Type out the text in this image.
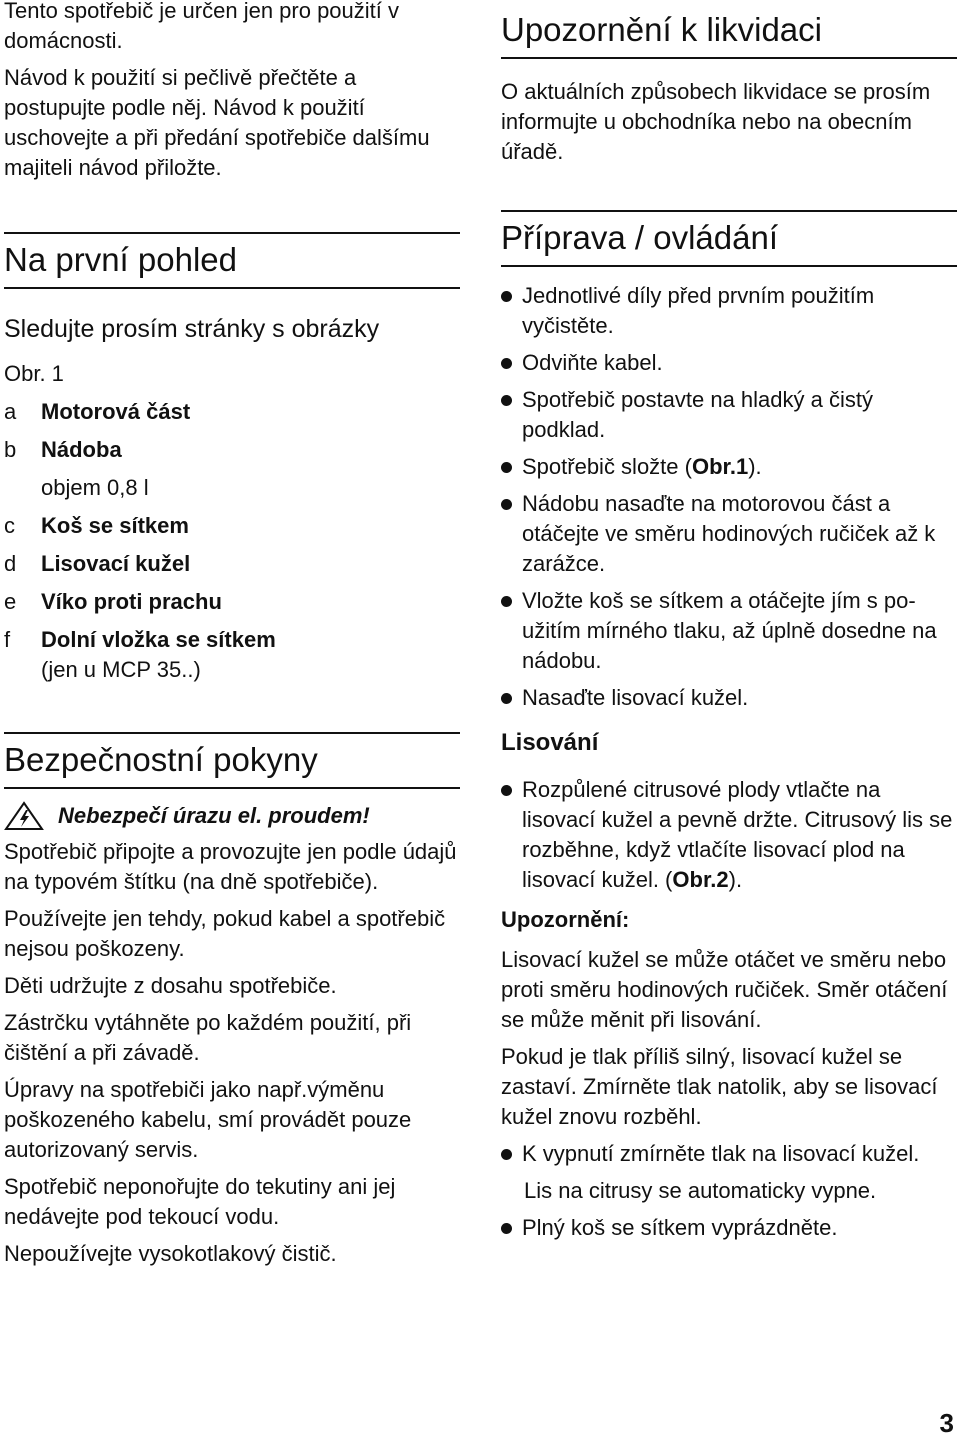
Tento spotřebič je určen jen pro použití v domácnosti.

Návod k použití si pečlivě přečtěte a postupujte podle něj. Návod k použití uschovejte a při předání spotřebiče dalšímu majiteli návod přiložte.

Na první pohled

Sledujte prosím stránky s obrázky

Obr. 1

a Motorová část
b Nádoba
objem 0,8 l
c Koš se sítkem
d Lisovací kužel
e Víko proti prachu
f Dolní vložka se sítkem
(jen u MCP 35..)
Bezpečnostní pokyny
Nebezpečí úrazu el. proudem!

Spotřebič připojte a provozujte jen podle údajů na typovém štítku (na dně spotřebiče).

Používejte jen tehdy, pokud kabel a spotřebič nejsou poškozeny.

Děti udržujte z dosahu spotřebiče.

Zástrčku vytáhněte po každém použití, při čištění a při závadě.

Úpravy na spotřebiči jako např.výměnu poškozeného kabelu, smí provádět pouze autorizovaný servis.

Spotřebič neponořujte do tekutiny ani jej nedávejte pod tekoucí vodu.

Nepoužívejte vysokotlakový čistič.

Upozornění k likvidaci

O aktuálních způsobech likvidace se prosím informujte u obchodníka nebo na obecním úřadě.

Příprava / ovládání
Jednotlivé díly před prvním použitím vyčistěte.
Odviňte kabel.
Spotřebič postavte na hladký a čistý podklad.
Spotřebič složte (Obr.1).
Nádobu nasaďte na motorovou část a otáčejte ve směru hodinových ručiček až k zarážce.
Vložte koš se sítkem a otáčejte jím s použitím mírného tlaku, až úplně dosedne na nádobu.
Nasaďte lisovací kužel.
Lisování
Rozpůlené citrusové plody vtlačte na lisovací kužel a pevně držte. Citrusový lis se rozběhne, když vtlačíte lisovací plod na lisovací kužel. (Obr.2).

Upozornění:

Lisovací kužel se může otáčet ve směru nebo proti směru hodinových ručiček. Směr otáčení se může měnit při lisování.

Pokud je tlak příliš silný, lisovací kužel se zastaví. Zmírněte tlak natolik, aby se lisovací kužel znovu rozběhl.

K vypnutí zmírněte tlak na lisovací kužel.

Lis na citrusy se automaticky vypne.

Plný koš se sítkem vyprázdněte.
3
